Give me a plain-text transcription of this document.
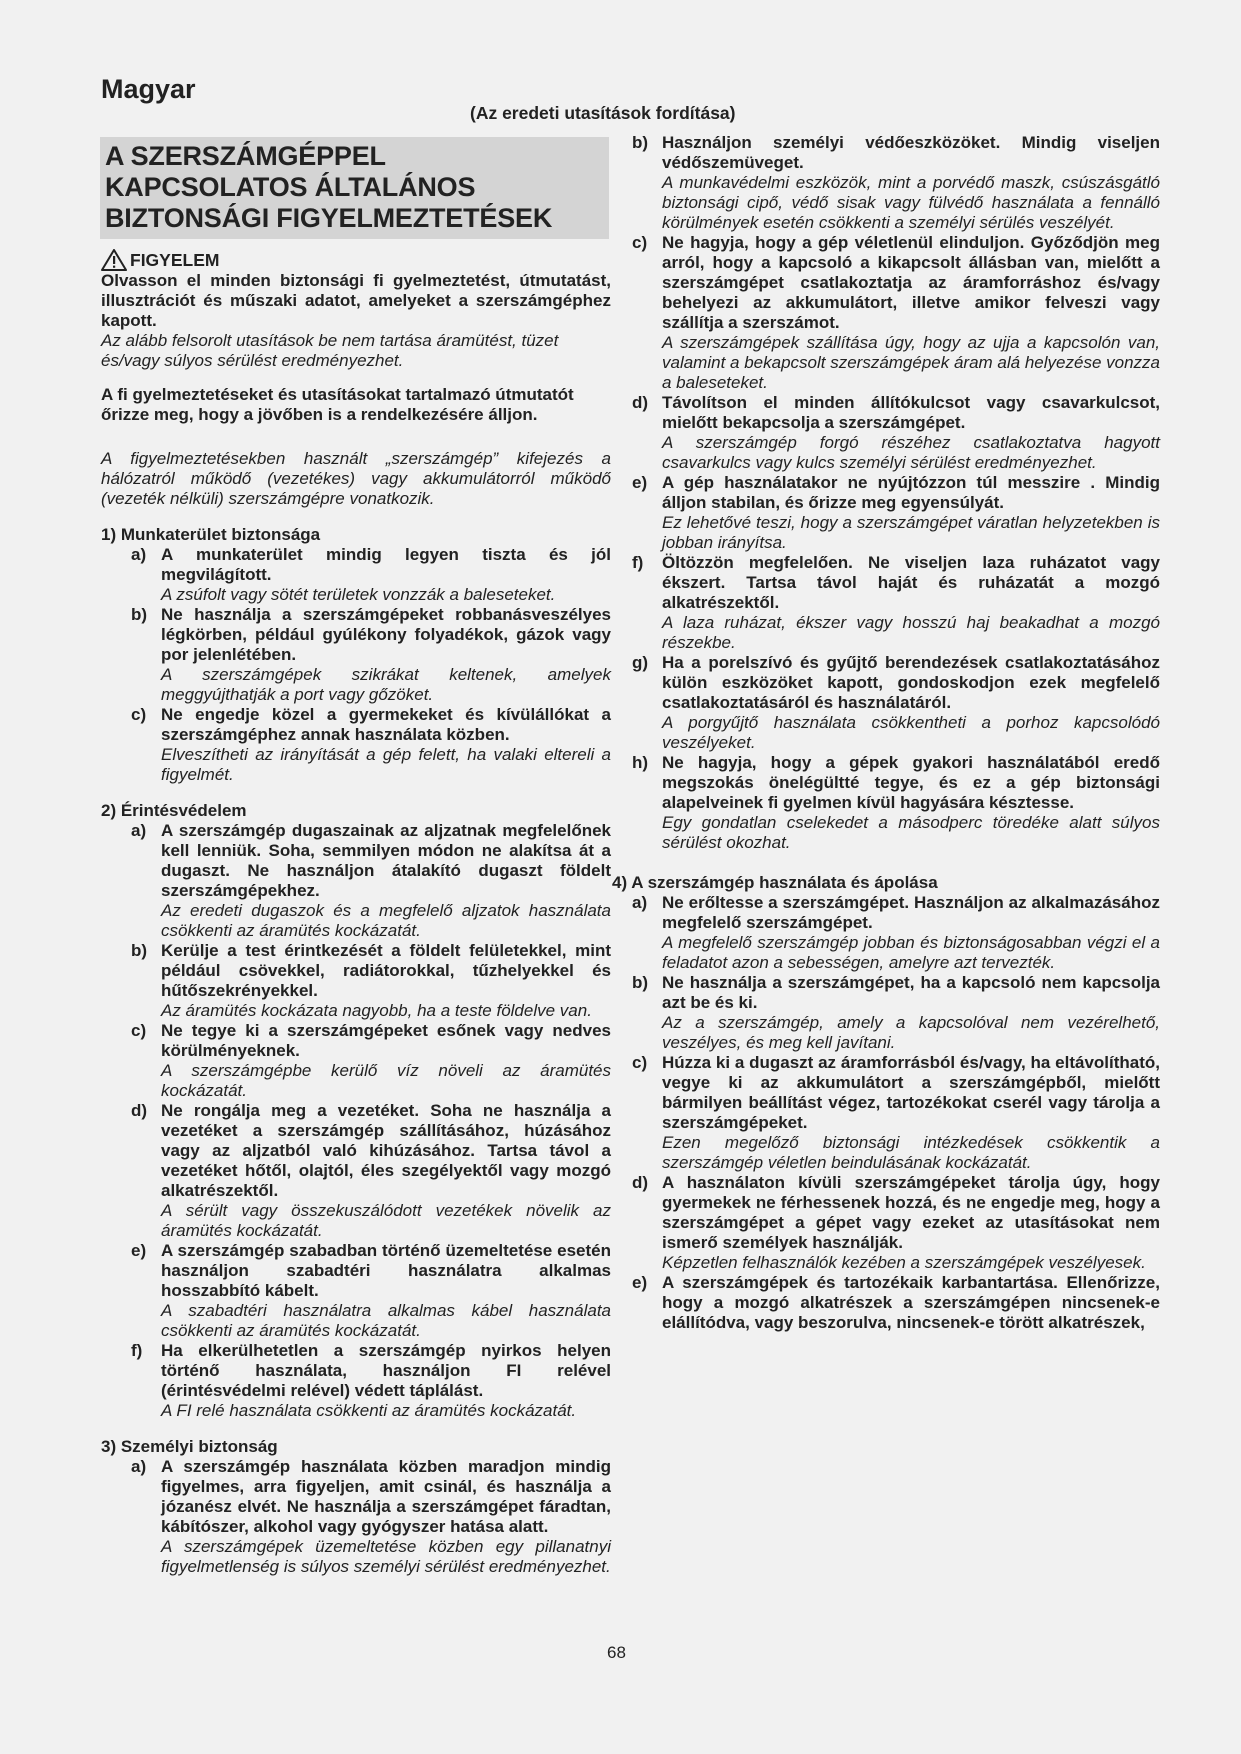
Magyar
(Az eredeti utasítások fordítása)
A SZERSZÁMGÉPPEL
KAPCSOLATOS ÁLTALÁNOS
BIZTONSÁGI FIGYELMEZTETÉSEK
FIGYELEM
Olvasson el minden biztonsági fi gyelmeztetést, útmutatást, illusztrációt és műszaki adatot, amelyeket a szerszámgéphez kapott.
Az alább felsorolt utasítások be nem tartása áramütést, tüzet és/vagy súlyos sérülést eredményezhet.
A fi gyelmeztetéseket és utasításokat tartalmazó útmutatót őrizze meg, hogy a jövőben is a rendelkezésére álljon.
A figyelmeztetésekben használt „szerszámgép” kifejezés a hálózatról működő (vezetékes) vagy akkumulátorról működő (vezeték nélküli) szerszámgépre vonatkozik.
1) Munkaterület biztonsága
a) A munkaterület mindig legyen tiszta és jól megvilágított.
A zsúfolt vagy sötét területek vonzzák a baleseteket.
b) Ne használja a szerszámgépeket robbanásveszélyes légkörben, például gyúlékony folyadékok, gázok vagy por jelenlétében.
A szerszámgépek szikrákat keltenek, amelyek meggyújthatják a port vagy gőzöket.
c) Ne engedje közel a gyermekeket és kívülállókat a szerszámgéphez annak használata közben.
Elveszítheti az irányítását a gép felett, ha valaki eltereli a figyelmét.
2) Érintésvédelem
a) A szerszámgép dugaszainak az aljzatnak megfelelőnek kell lenniük. Soha, semmilyen módon ne alakítsa át a dugaszt. Ne használjon átalakító dugaszt földelt szerszámgépekhez.
Az eredeti dugaszok és a megfelelő aljzatok használata csökkenti az áramütés kockázatát.
b) Kerülje a test érintkezését a földelt felületekkel, mint például csövekkel, radiátorokkal, tűzhelyekkel és hűtőszekrényekkel.
Az áramütés kockázata nagyobb, ha a teste földelve van.
c) Ne tegye ki a szerszámgépeket esőnek vagy nedves körülményeknek.
A szerszámgépbe kerülő víz növeli az áramütés kockázatát.
d) Ne rongálja meg a vezetéket. Soha ne használja a vezetéket a szerszámgép szállításához, húzásához vagy az aljzatból való kihúzásához. Tartsa távol a vezetéket hőtől, olajtól, éles szegélyektől vagy mozgó alkatrészektől.
A sérült vagy összekuszálódott vezetékek növelik az áramütés kockázatát.
e) A szerszámgép szabadban történő üzemeltetése esetén használjon szabadtéri használatra alkalmas hosszabbító kábelt.
A szabadtéri használatra alkalmas kábel használata csökkenti az áramütés kockázatát.
f)	Ha elkerülhetetlen a szerszámgép nyirkos helyen történő használata, használjon FI relével (érintésvédelmi relével) védett táplálást.
A FI relé használata csökkenti az áramütés kockázatát.
3) Személyi biztonság
a) A szerszámgép használata közben maradjon mindig figyelmes, arra figyeljen, amit csinál, és használja a józanész elvét. Ne használja a szerszámgépet fáradtan, kábítószer, alkohol vagy gyógyszer hatása alatt.
A szerszámgépek üzemeltetése közben egy pillanatnyi figyelmetlenség is súlyos személyi sérülést eredményezhet.
b) Használjon személyi védőeszközöket. Mindig viseljen védőszemüveget.
A munkavédelmi eszközök, mint a porvédő maszk, csúszásgátló biztonsági cipő, védő sisak vagy fülvédő használata a fennálló körülmények esetén csökkenti a személyi sérülés veszélyét.
c) Ne hagyja, hogy a gép véletlenül elinduljon. Győződjön meg arról, hogy a kapcsoló a kikapcsolt állásban van, mielőtt a szerszámgépet csatlakoztatja az áramforráshoz és/vagy behelyezi az akkumulátort, illetve amikor felveszi vagy szállítja a szerszámot.
A szerszámgépek szállítása úgy, hogy az ujja a kapcsolón van, valamint a bekapcsolt szerszámgépek áram alá helyezése vonzza a baleseteket.
d) Távolítson el minden állítókulcsot vagy csavarkulcsot, mielőtt bekapcsolja a szerszámgépet.
A szerszámgép forgó részéhez csatlakoztatva hagyott csavarkulcs vagy kulcs személyi sérülést eredményezhet.
e) A gép használatakor ne nyújtózzon túl messzire . Mindig álljon stabilan, és őrizze meg egyensúlyát.
Ez lehetővé teszi, hogy a szerszámgépet váratlan helyzetekben is jobban irányítsa.
f)	Öltözzön megfelelően. Ne viseljen laza ruházatot vagy ékszert. Tartsa távol haját és ruházatát a mozgó alkatrészektől.
A laza ruházat, ékszer vagy hosszú haj beakadhat a mozgó részekbe.
g) Ha a porelszívó és gyűjtő berendezések csatlakoztatásához külön eszközöket kapott, gondoskodjon ezek megfelelő csatlakoztatásáról és használatáról.
A porgyűjtő használata csökkentheti a porhoz kapcsolódó veszélyeket.
h) Ne hagyja, hogy a gépek gyakori használatából eredő megszokás önelégültté tegye, és ez a gép biztonsági alapelveinek fi gyelmen kívül hagyására késztesse.
Egy gondatlan cselekedet a másodperc töredéke alatt súlyos sérülést okozhat.
4) A szerszámgép használata és ápolása
a) Ne erőltesse a szerszámgépet. Használjon az alkalmazásához megfelelő szerszámgépet.
A megfelelő szerszámgép jobban és biztonságosabban végzi el a feladatot azon a sebességen, amelyre azt tervezték.
b) Ne használja a szerszámgépet, ha a kapcsoló nem kapcsolja azt be és ki.
Az a szerszámgép, amely a kapcsolóval nem vezérelhető, veszélyes, és meg kell javítani.
c) Húzza ki a dugaszt az áramforrásból és/vagy, ha eltávolítható, vegye ki az akkumulátort a szerszámgépből, mielőtt bármilyen beállítást végez, tartozékokat cserél vagy tárolja a szerszámgépeket.
Ezen megelőző biztonsági intézkedések csökkentik a szerszámgép véletlen beindulásának kockázatát.
d) A használaton kívüli szerszámgépeket tárolja úgy, hogy gyermekek ne férhessenek hozzá, és ne engedje meg, hogy a szerszámgépet a gépet vagy ezeket az utasításokat nem ismerő személyek használják.
Képzetlen felhasználók kezében a szerszámgépek veszélyesek.
e) A szerszámgépek és tartozékaik karbantartása. Ellenőrizze, hogy a mozgó alkatrészek a szerszámgépen nincsenek-e elállítódva, vagy beszorulva, nincsenek-e törött alkatrészek,
68
